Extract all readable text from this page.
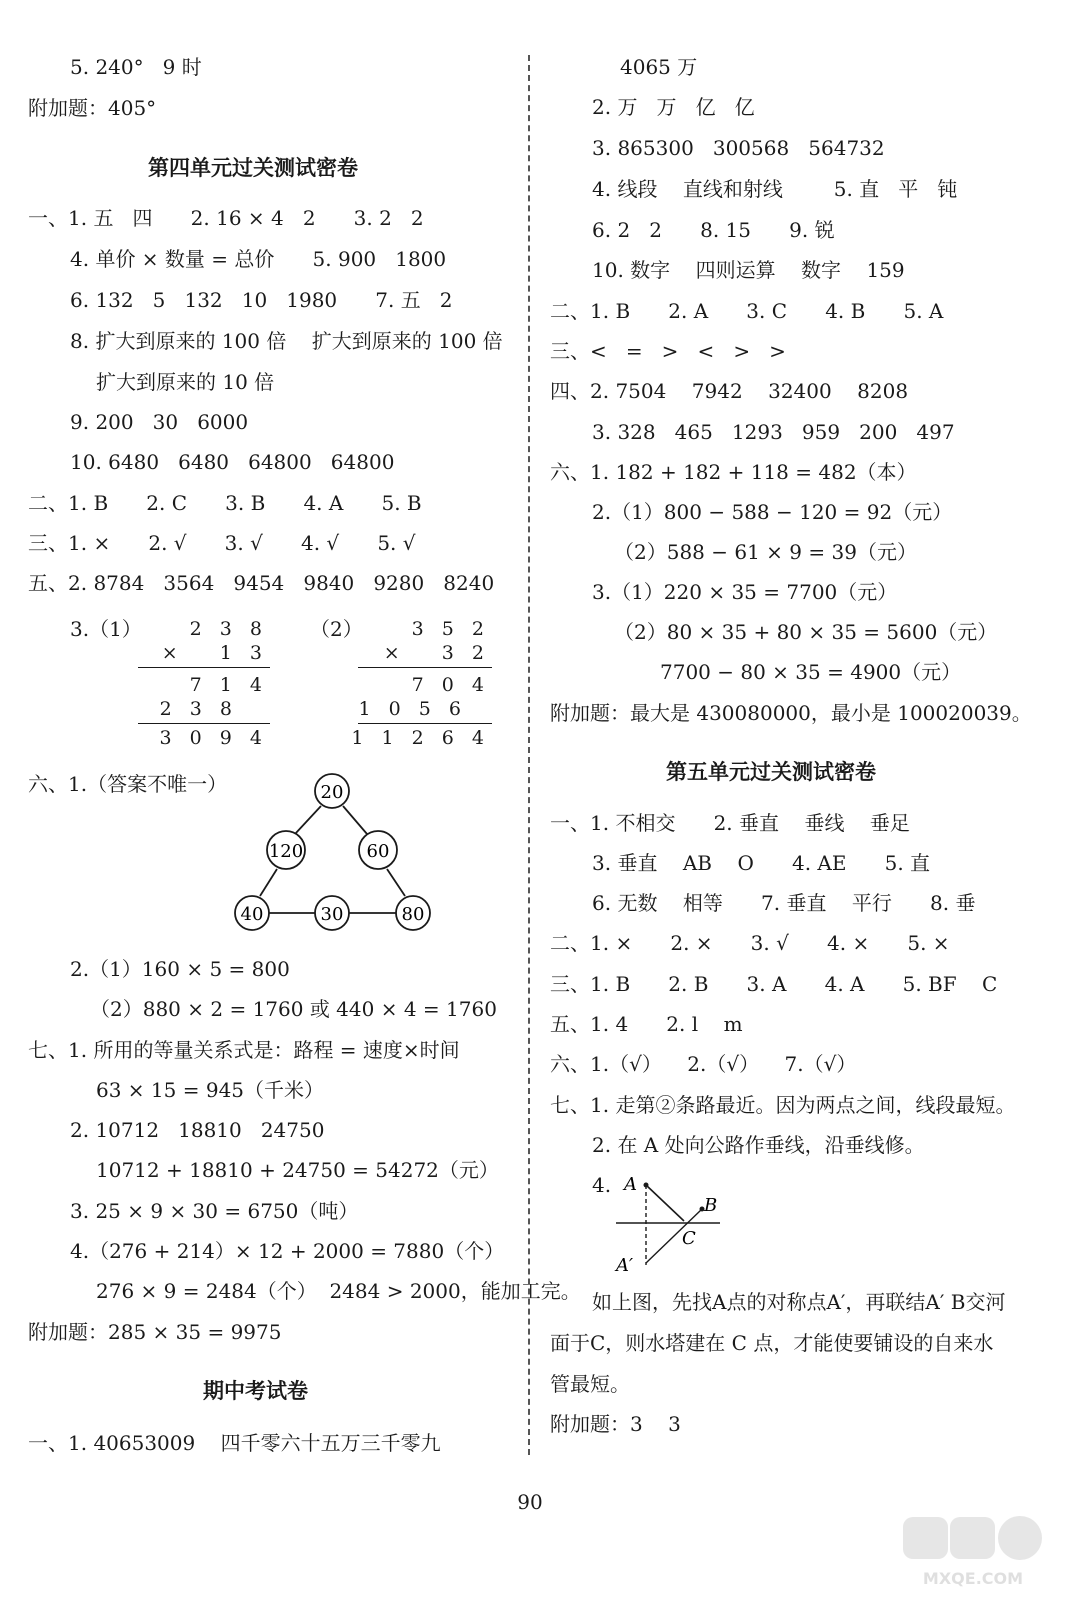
5. 240°   9 时
附加题：405°
第四单元过关测试密卷
一、1. 五   四      2. 16 × 4   2      3. 2   2
4. 单价 × 数量 = 总价      5. 900   1800
6. 132   5   132   10   1980      7. 五   2
8. 扩大到原来的 100 倍    扩大到原来的 100 倍
扩大到原来的 10 倍
9. 200   30   6000
10. 6480   6480   64800   64800
二、1. B      2. C      3. B      4. A      5. B
三、1. ×      2. √      3. √      4. √      5. √
五、2. 8784   3564   9454   9840   9280   8240
3.（1）	（2）
2 3 8
×   1 3
7 1 4
2 3 8
3 0 9 4
3 5 2
×   3 2
7 0 4
1 0 5 6
1 1 2 6 4
六、1.（答案不唯一）	20
120	60
40	30	80
2.（1）160 × 5 = 800
（2）880 × 2 = 1760 或 440 × 4 = 1760
七、1. 所用的等量关系式是：路程 = 速度×时间
63 × 15 = 945（千米）
2. 10712   18810   24750
10712 + 18810 + 24750 = 54272（元）
3. 25 × 9 × 30 = 6750（吨）
4.（276 + 214）× 12 + 2000 = 7880（个）
276 × 9 = 2484（个）  2484 > 2000，能加工完。
附加题：285 × 35 = 9975
期中考试卷
一、1. 40653009    四千零六十五万三千零九
4065 万
2. 万   万   亿   亿
3. 865300   300568   564732
4. 线段    直线和射线        5. 直   平   钝
6. 2   2      8. 15      9. 锐
10. 数字    四则运算    数字    159
二、1. B      2. A      3. C      4. B      5. A
三、<   =   >   <   >   >
四、2. 7504    7942    32400    8208
3. 328   465   1293   959   200   497
六、1. 182 + 182 + 118 = 482（本）
2.（1）800 − 588 − 120 = 92（元）
（2）588 − 61 × 9 = 39（元）
3.（1）220 × 35 = 7700（元）
（2）80 × 35 + 80 × 35 = 5600（元）
7700 − 80 × 35 = 4900（元）
附加题：最大是 430080000，最小是 100020039。
第五单元过关测试密卷
一、1. 不相交      2. 垂直    垂线    垂足
3. 垂直    AB    O      4. AE      5. 直
6. 无数    相等      7. 垂直    平行      8. 垂
二、1. ×      2. ×      3. √      4. ×      5. ×
三、1. B      2. B      3. A      4. A      5. BF    C
五、1. 4      2. l    m
六、1.（√）    2.（√）    7.（√）
七、1. 走第②条路最近。因为两点之间，线段最短。
2. 在 A 处向公路作垂线，沿垂线修。
4. A
B
C
A′
如上图，先找A点的对称点A′，再联结A′ B交河
面于C，则水塔建在 C 点，才能使要铺设的自来水
管最短。
附加题：3    3
90
MXQE.COM
